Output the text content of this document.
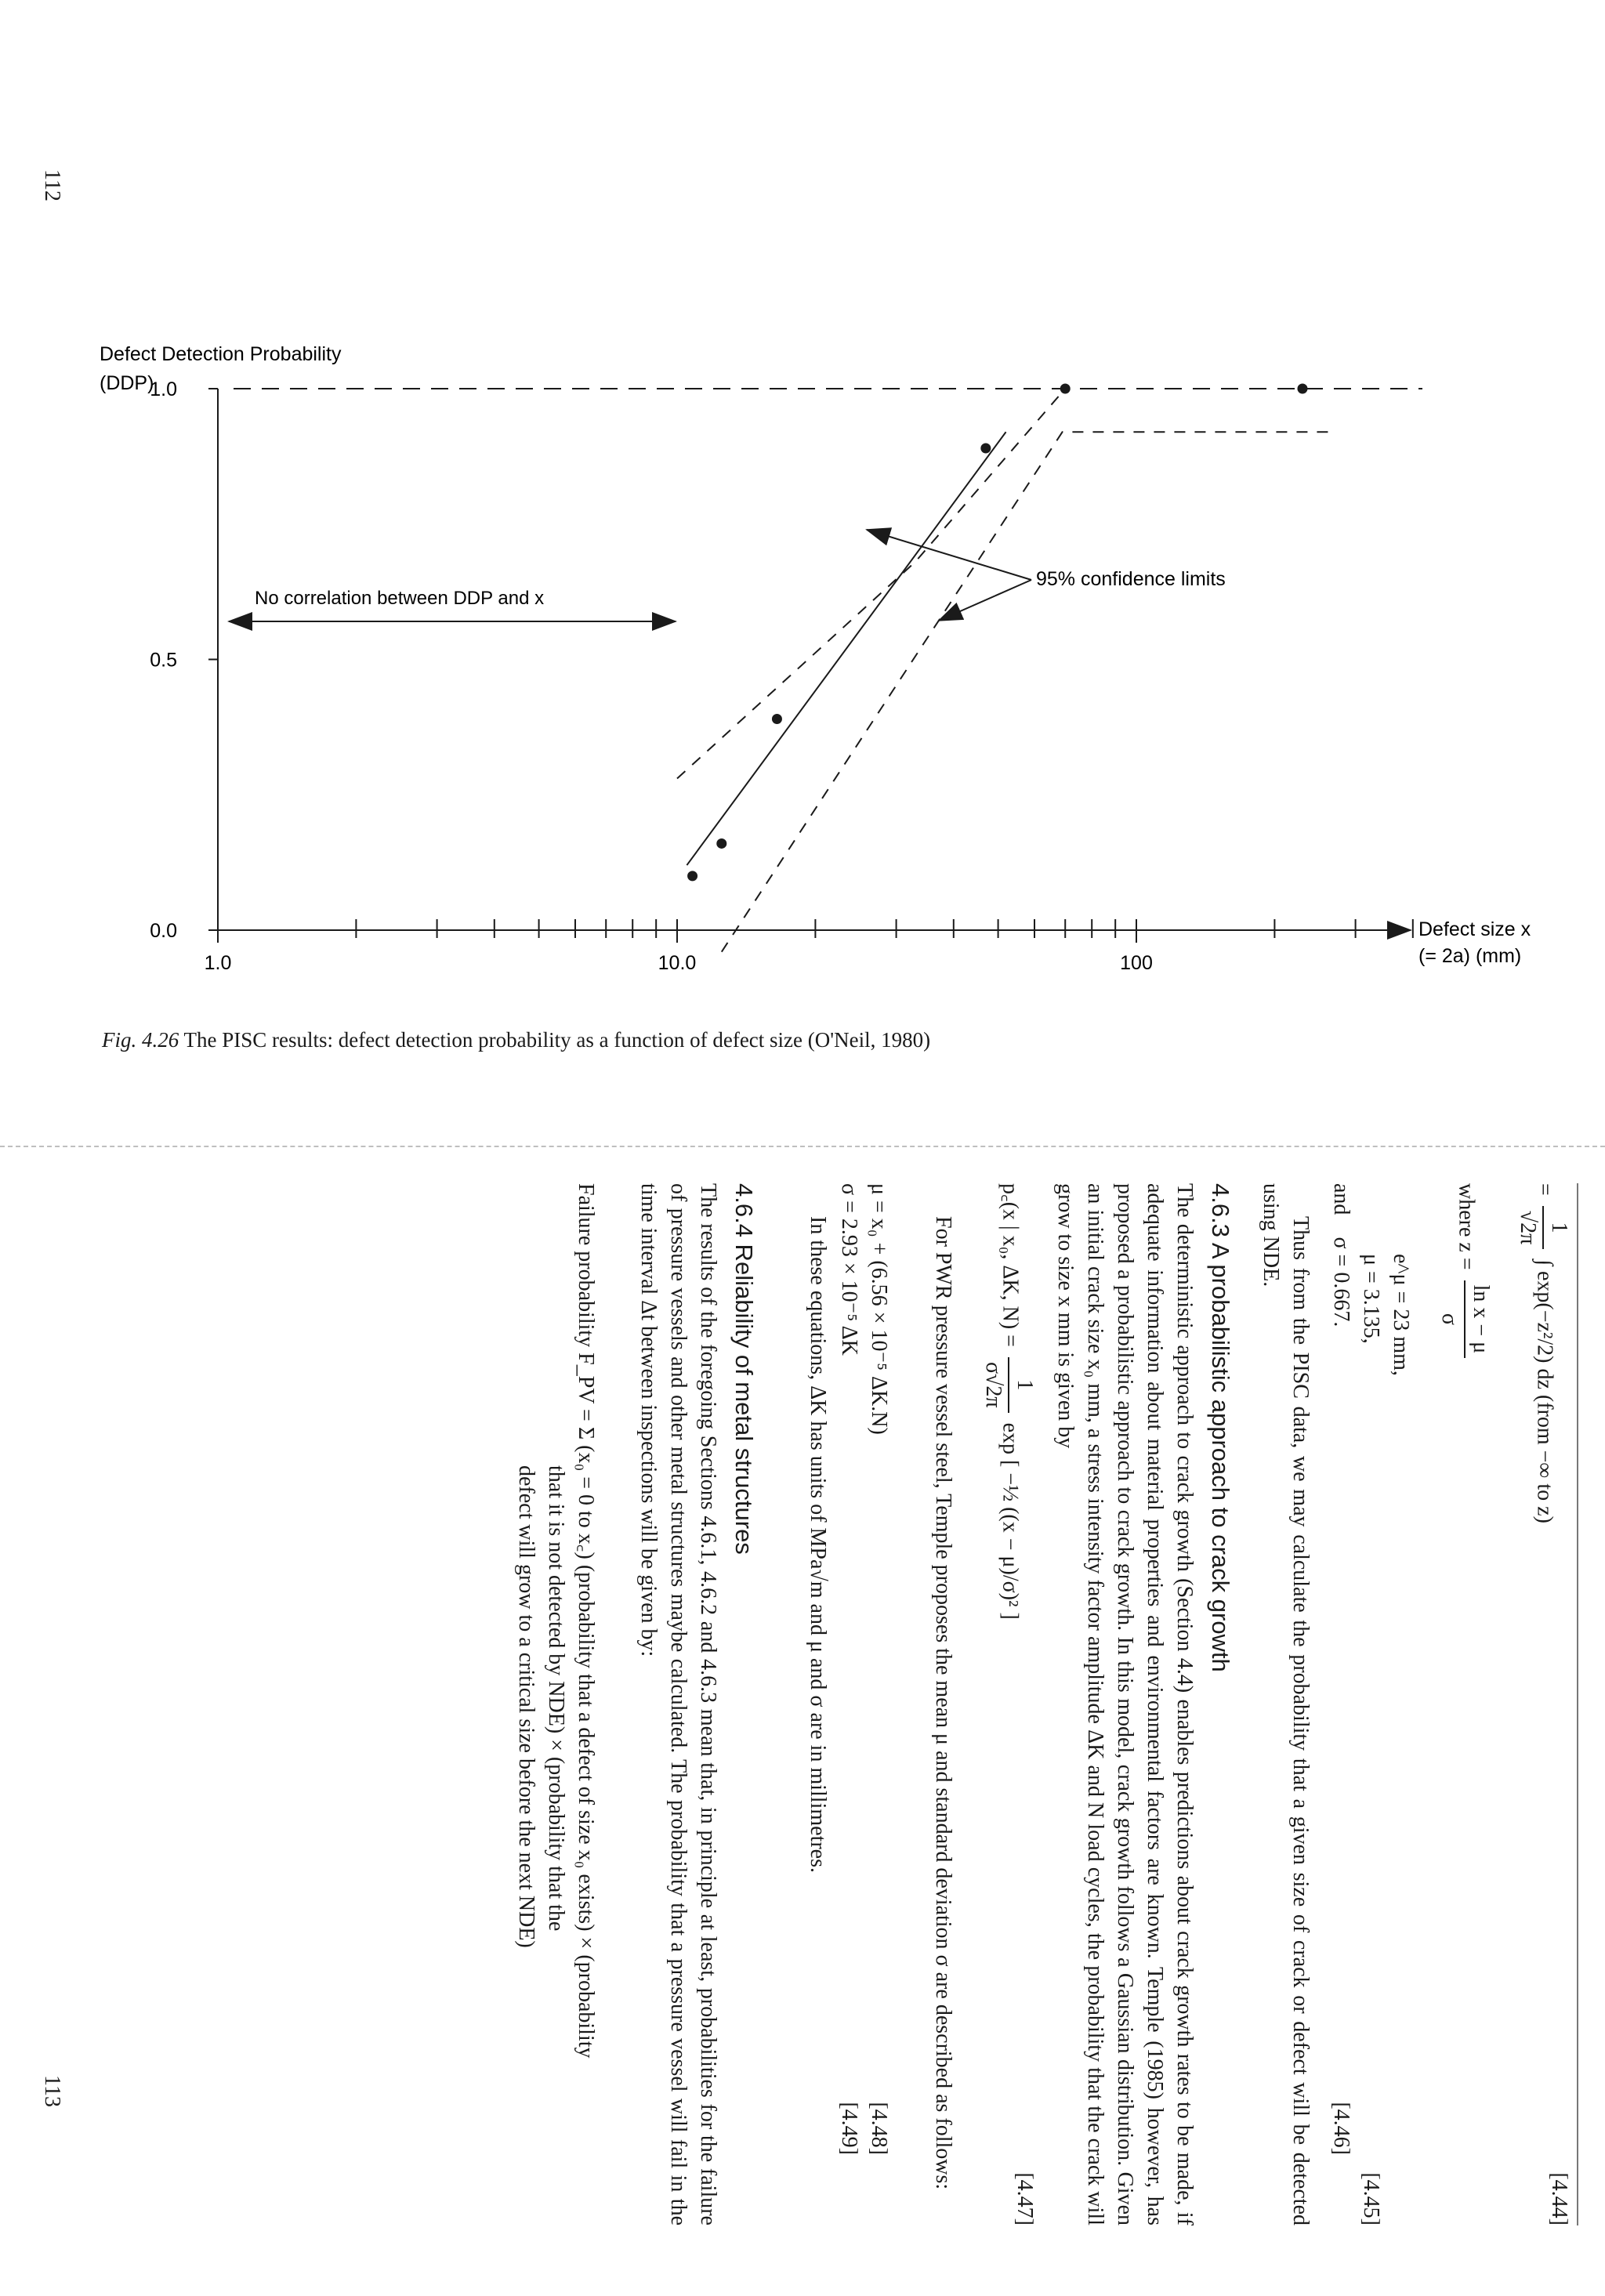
112
113
Defect Detection Probability
(DDP)
Defect size x
(= 2a) (mm)
No correlation between DDP and x
95% confidence limits
0.0
0.5
1.0
1.0	10.0	100
Fig. 4.26 The PISC results: defect detection probability as a function of defect size (O'Neil, 1980)
=
1
√2π
∫ exp(−z²/2) dz (from −∞ to z)
[4.44]
where z =
ln x − μ
σ
e^μ = 23 mm,
μ = 3.135,
[4.45]
and    σ = 0.667.
[4.46]

Thus from the PISC data, we may calculate the probability that a given size of crack or defect will be detected using NDE.

4.6.3 A probabilistic approach to crack growth

The deterministic approach to crack growth (Section 4.4) enables predictions about crack growth rates to be made, if adequate information about material properties and environmental factors are known. Temple (1985) however, has proposed a probabilistic approach to crack growth. In this model, crack growth follows a Gaussian distribution. Given an initial crack size x₀ mm, a stress intensity factor amplitude ΔK and N load cycles, the probability that the crack will grow to size x mm is given by

p꜀(x | x₀, ΔK, N) =
1
σ√2π
exp [ −½ ((x − μ)/σ)² ]
[4.47]

For PWR pressure vessel steel, Temple proposes the mean μ and standard deviation σ are described as follows:

μ = x₀ + (6.56 × 10⁻⁵ ΔK.N)
[4.48]
σ = 2.93 × 10⁻⁵ ΔK
[4.49]

In these equations, ΔK has units of MPa√m and μ and σ are in millimetres.

4.6.4 Reliability of metal structures

The results of the foregoing Sections 4.6.1, 4.6.2 and 4.6.3 mean that, in principle at least, probabilities for the failure of pressure vessels and other metal structures maybe calculated. The probability that a pressure vessel will fail in the time interval Δt between inspections will be given by:

Failure probability F_PV = Σ (x₀ = 0 to x꜀) (probability that a defect of size x₀ exists) × (probability
that it is not detected by NDE) × (probability that the
defect will grow to a critical size before the next NDE)
